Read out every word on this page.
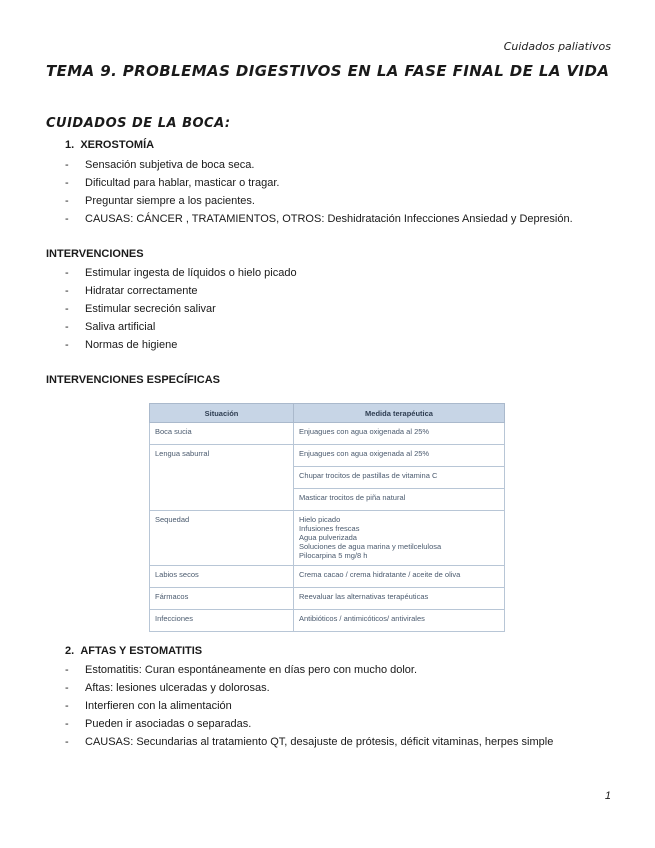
Cuidados paliativos
TEMA 9. PROBLEMAS DIGESTIVOS EN LA FASE FINAL DE LA VIDA
CUIDADOS DE LA BOCA:
1. XEROSTOMÍA
- Sensación subjetiva de boca seca.
- Dificultad para hablar, masticar o tragar.
- Preguntar siempre a los pacientes.
- CAUSAS: CÁNCER , TRATAMIENTOS, OTROS: Deshidratación Infecciones Ansiedad y Depresión.
INTERVENCIONES
- Estimular ingesta de líquidos o hielo picado
- Hidratar correctamente
- Estimular secreción salivar
- Saliva artificial
- Normas de higiene
INTERVENCIONES ESPECÍFICAS
Situación	Medida terapéutica
Boca sucia	Enjuagues con agua oxigenada al 25%

Lengua saburral	Enjuagues con agua oxigenada al 25%
Chupar trocitos de pastillas de vitamina C
Masticar trocitos de piña natural

Sequedad	Hielo picado
Infusiones frescas
Agua pulverizada
Soluciones de agua marina y metilcelulosa
Pilocarpina 5 mg/8 h

Labios secos	Crema cacao / crema hidratante / aceite de oliva

Fármacos	Reevaluar las alternativas terapéuticas

Infecciones	Antibióticos / antimicóticos/ antivirales
2. AFTAS Y ESTOMATITIS
- Estomatitis: Curan espontáneamente en días pero con mucho dolor.
- Aftas: lesiones ulceradas y dolorosas.
- Interfieren con la alimentación
- Pueden ir asociadas o separadas.
- CAUSAS: Secundarias al tratamiento QT, desajuste de prótesis, déficit vitaminas, herpes simple
1
